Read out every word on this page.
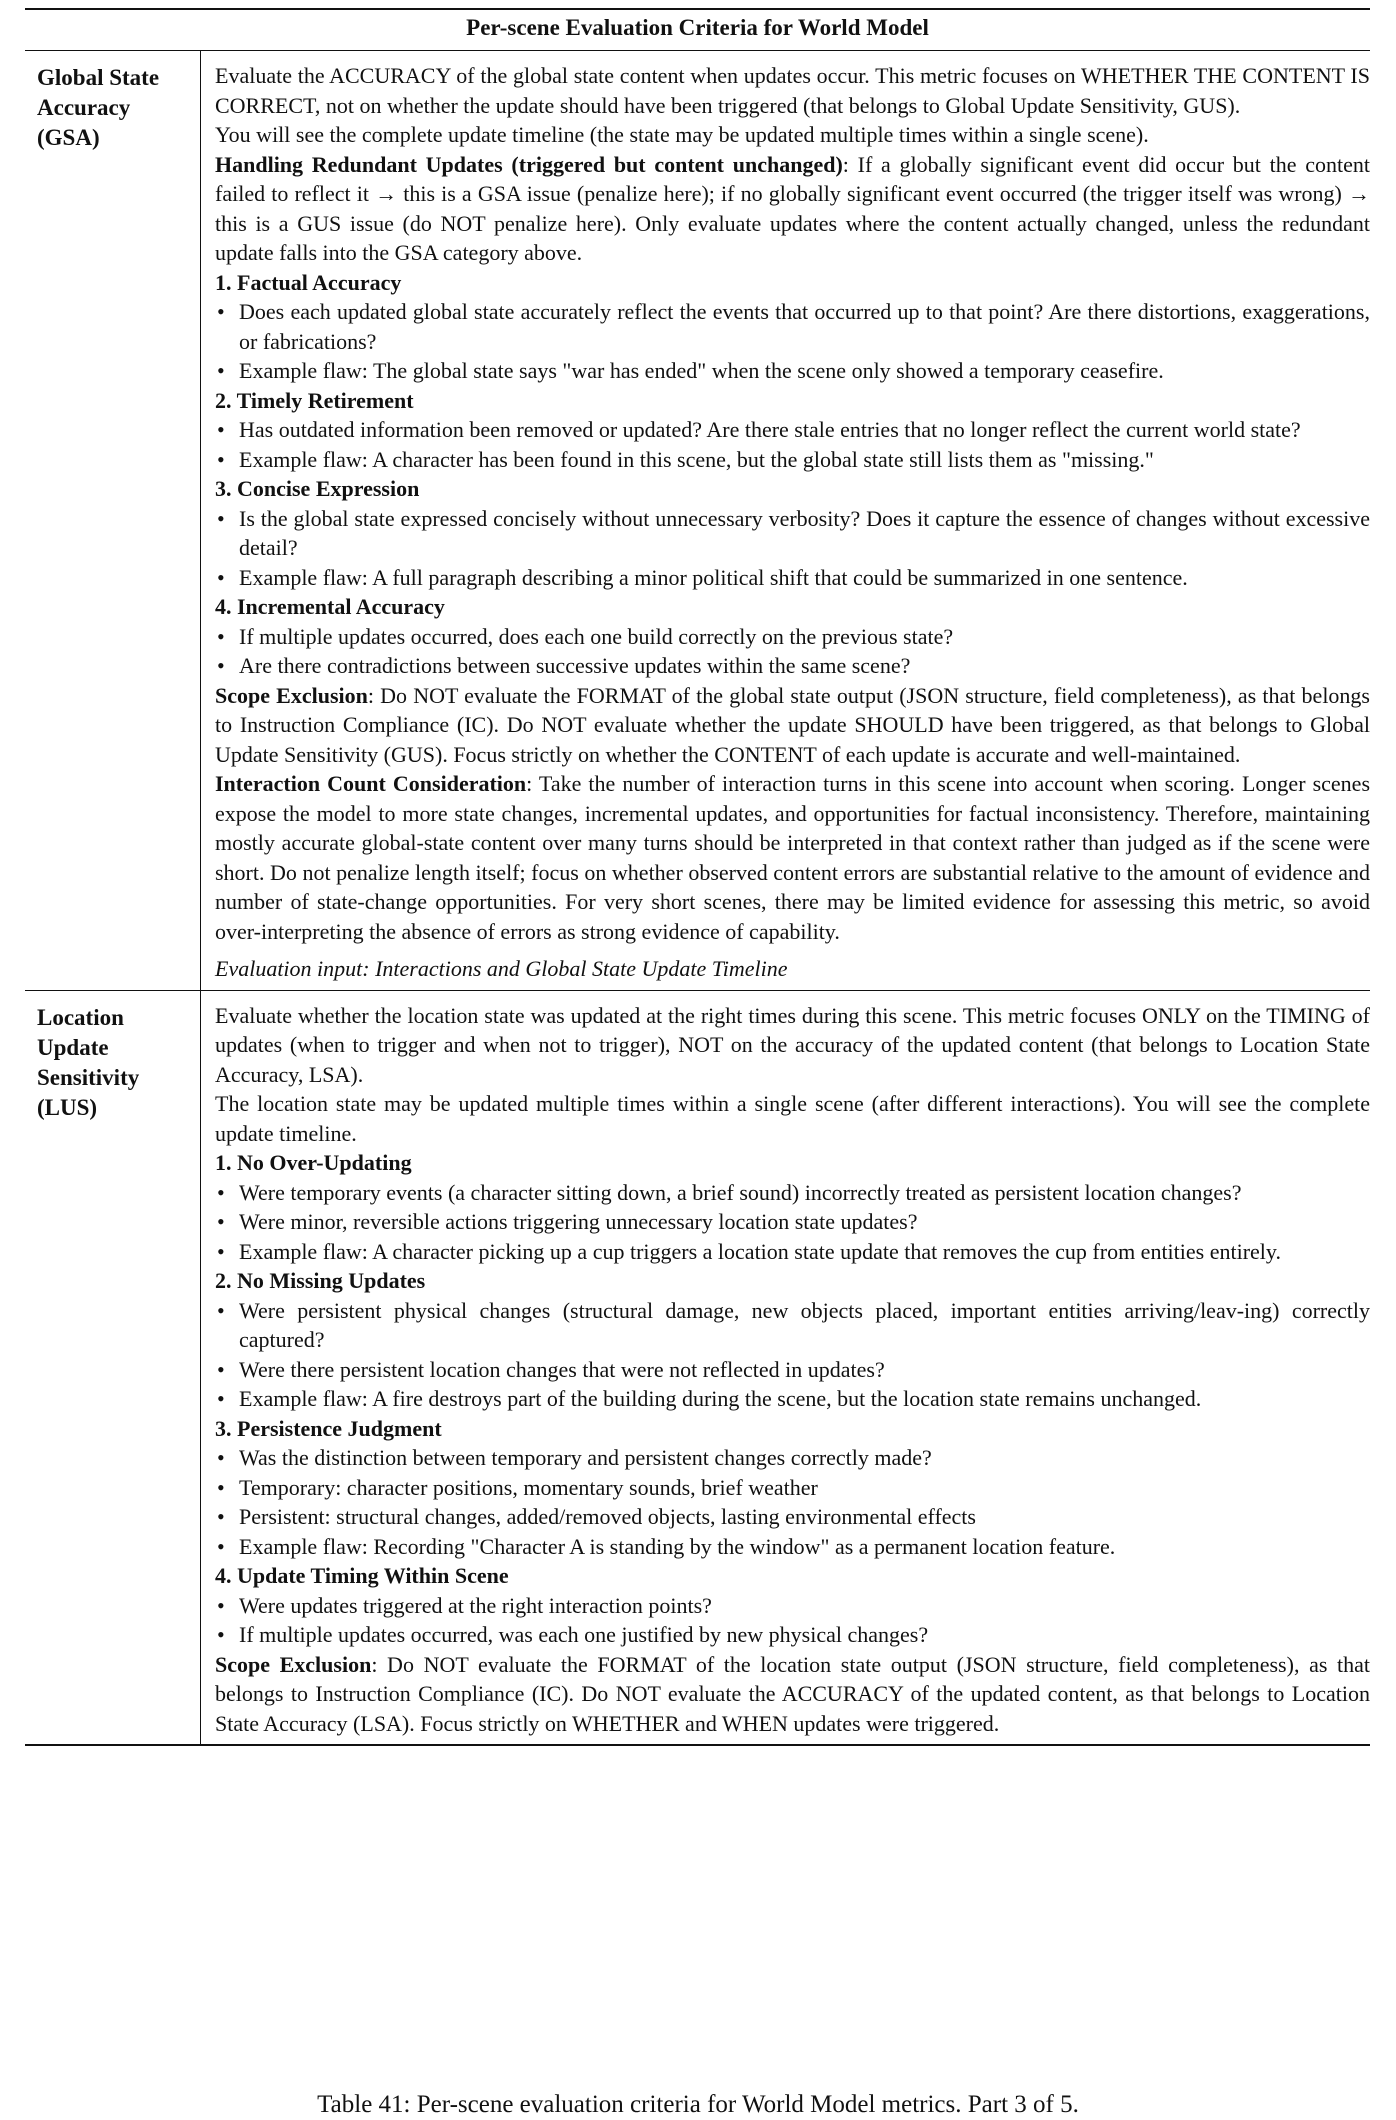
Per-scene Evaluation Criteria for World Model
Global State
Accuracy
(GSA)

Evaluate the ACCURACY of the global state content when updates occur. This metric focuses on WHETHER THE CONTENT IS CORRECT, not on whether the update should have been triggered (that belongs to Global Update Sensitivity, GUS).

You will see the complete update timeline (the state may be updated multiple times within a single scene).

Handling Redundant Updates (triggered but content unchanged): If a globally significant event did occur but the content failed to reflect it → this is a GSA issue (penalize here); if no globally significant event occurred (the trigger itself was wrong) → this is a GUS issue (do NOT penalize here). Only evaluate updates where the content actually changed, unless the redundant update falls into the GSA category above.

1. Factual Accuracy

• Does each updated global state accurately reflect the events that occurred up to that point? Are there distortions, exaggerations, or fabrications?
• Example flaw: The global state says "war has ended" when the scene only showed a temporary ceasefire.

2. Timely Retirement

• Has outdated information been removed or updated? Are there stale entries that no longer reflect the current world state?
• Example flaw: A character has been found in this scene, but the global state still lists them as "missing."

3. Concise Expression

• Is the global state expressed concisely without unnecessary verbosity? Does it capture the essence of changes without excessive detail?
• Example flaw: A full paragraph describing a minor political shift that could be summarized in one sentence.

4. Incremental Accuracy

• If multiple updates occurred, does each one build correctly on the previous state?
• Are there contradictions between successive updates within the same scene?

Scope Exclusion: Do NOT evaluate the FORMAT of the global state output (JSON structure, field completeness), as that belongs to Instruction Compliance (IC). Do NOT evaluate whether the update SHOULD have been triggered, as that belongs to Global Update Sensitivity (GUS). Focus strictly on whether the CONTENT of each update is accurate and well-maintained.

Interaction Count Consideration: Take the number of interaction turns in this scene into account when scoring. Longer scenes expose the model to more state changes, incremental updates, and opportunities for factual inconsistency. Therefore, maintaining mostly accurate global-state content over many turns should be interpreted in that context rather than judged as if the scene were short. Do not penalize length itself; focus on whether observed content errors are substantial relative to the amount of evidence and number of state-change opportunities. For very short scenes, there may be limited evidence for assessing this metric, so avoid over-interpreting the absence of errors as strong evidence of capability.

Evaluation input: Interactions and Global State Update Timeline

Location
Update
Sensitivity
(LUS)

Evaluate whether the location state was updated at the right times during this scene. This metric focuses ONLY on the TIMING of updates (when to trigger and when not to trigger), NOT on the accuracy of the updated content (that belongs to Location State Accuracy, LSA).

The location state may be updated multiple times within a single scene (after different interactions). You will see the complete update timeline.

1. No Over-Updating

• Were temporary events (a character sitting down, a brief sound) incorrectly treated as persistent location changes?
• Were minor, reversible actions triggering unnecessary location state updates?
• Example flaw: A character picking up a cup triggers a location state update that removes the cup from entities entirely.

2. No Missing Updates

• Were persistent physical changes (structural damage, new objects placed, important entities arriving/leav-ing) correctly captured?
• Were there persistent location changes that were not reflected in updates?
• Example flaw: A fire destroys part of the building during the scene, but the location state remains unchanged.

3. Persistence Judgment

• Was the distinction between temporary and persistent changes correctly made?
• Temporary: character positions, momentary sounds, brief weather
• Persistent: structural changes, added/removed objects, lasting environmental effects
• Example flaw: Recording "Character A is standing by the window" as a permanent location feature.

4. Update Timing Within Scene

• Were updates triggered at the right interaction points?
• If multiple updates occurred, was each one justified by new physical changes?

Scope Exclusion: Do NOT evaluate the FORMAT of the location state output (JSON structure, field completeness), as that belongs to Instruction Compliance (IC). Do NOT evaluate the ACCURACY of the updated content, as that belongs to Location State Accuracy (LSA). Focus strictly on WHETHER and WHEN updates were triggered.

Table 41: Per-scene evaluation criteria for World Model metrics. Part 3 of 5.
